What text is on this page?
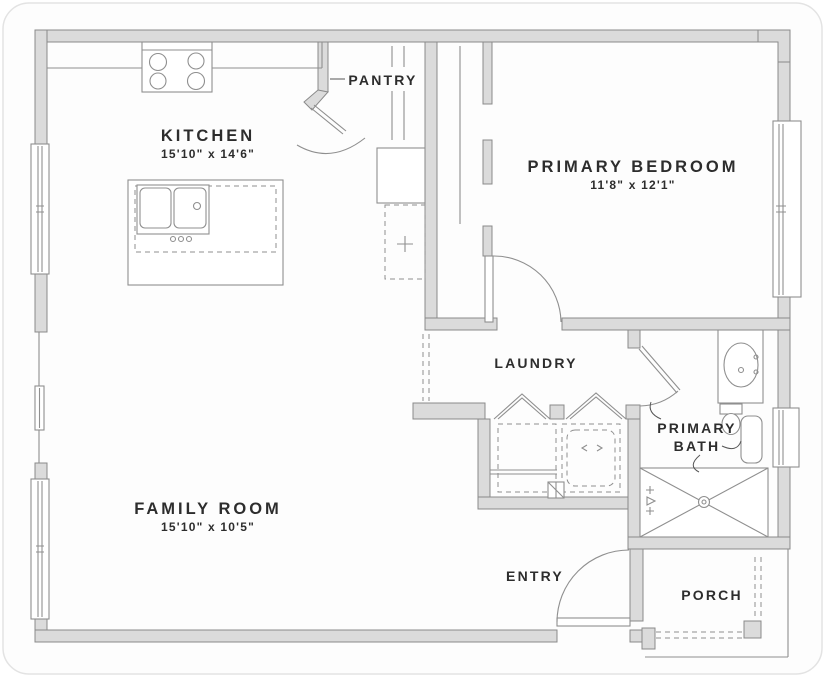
KITCHEN
15'10" x 14'6"
PANTRY
PRIMARY BEDROOM
11'8" x 12'1"
LAUNDRY
PRIMARY
BATH
FAMILY ROOM
15'10" x 10'5"
ENTRY
PORCH
